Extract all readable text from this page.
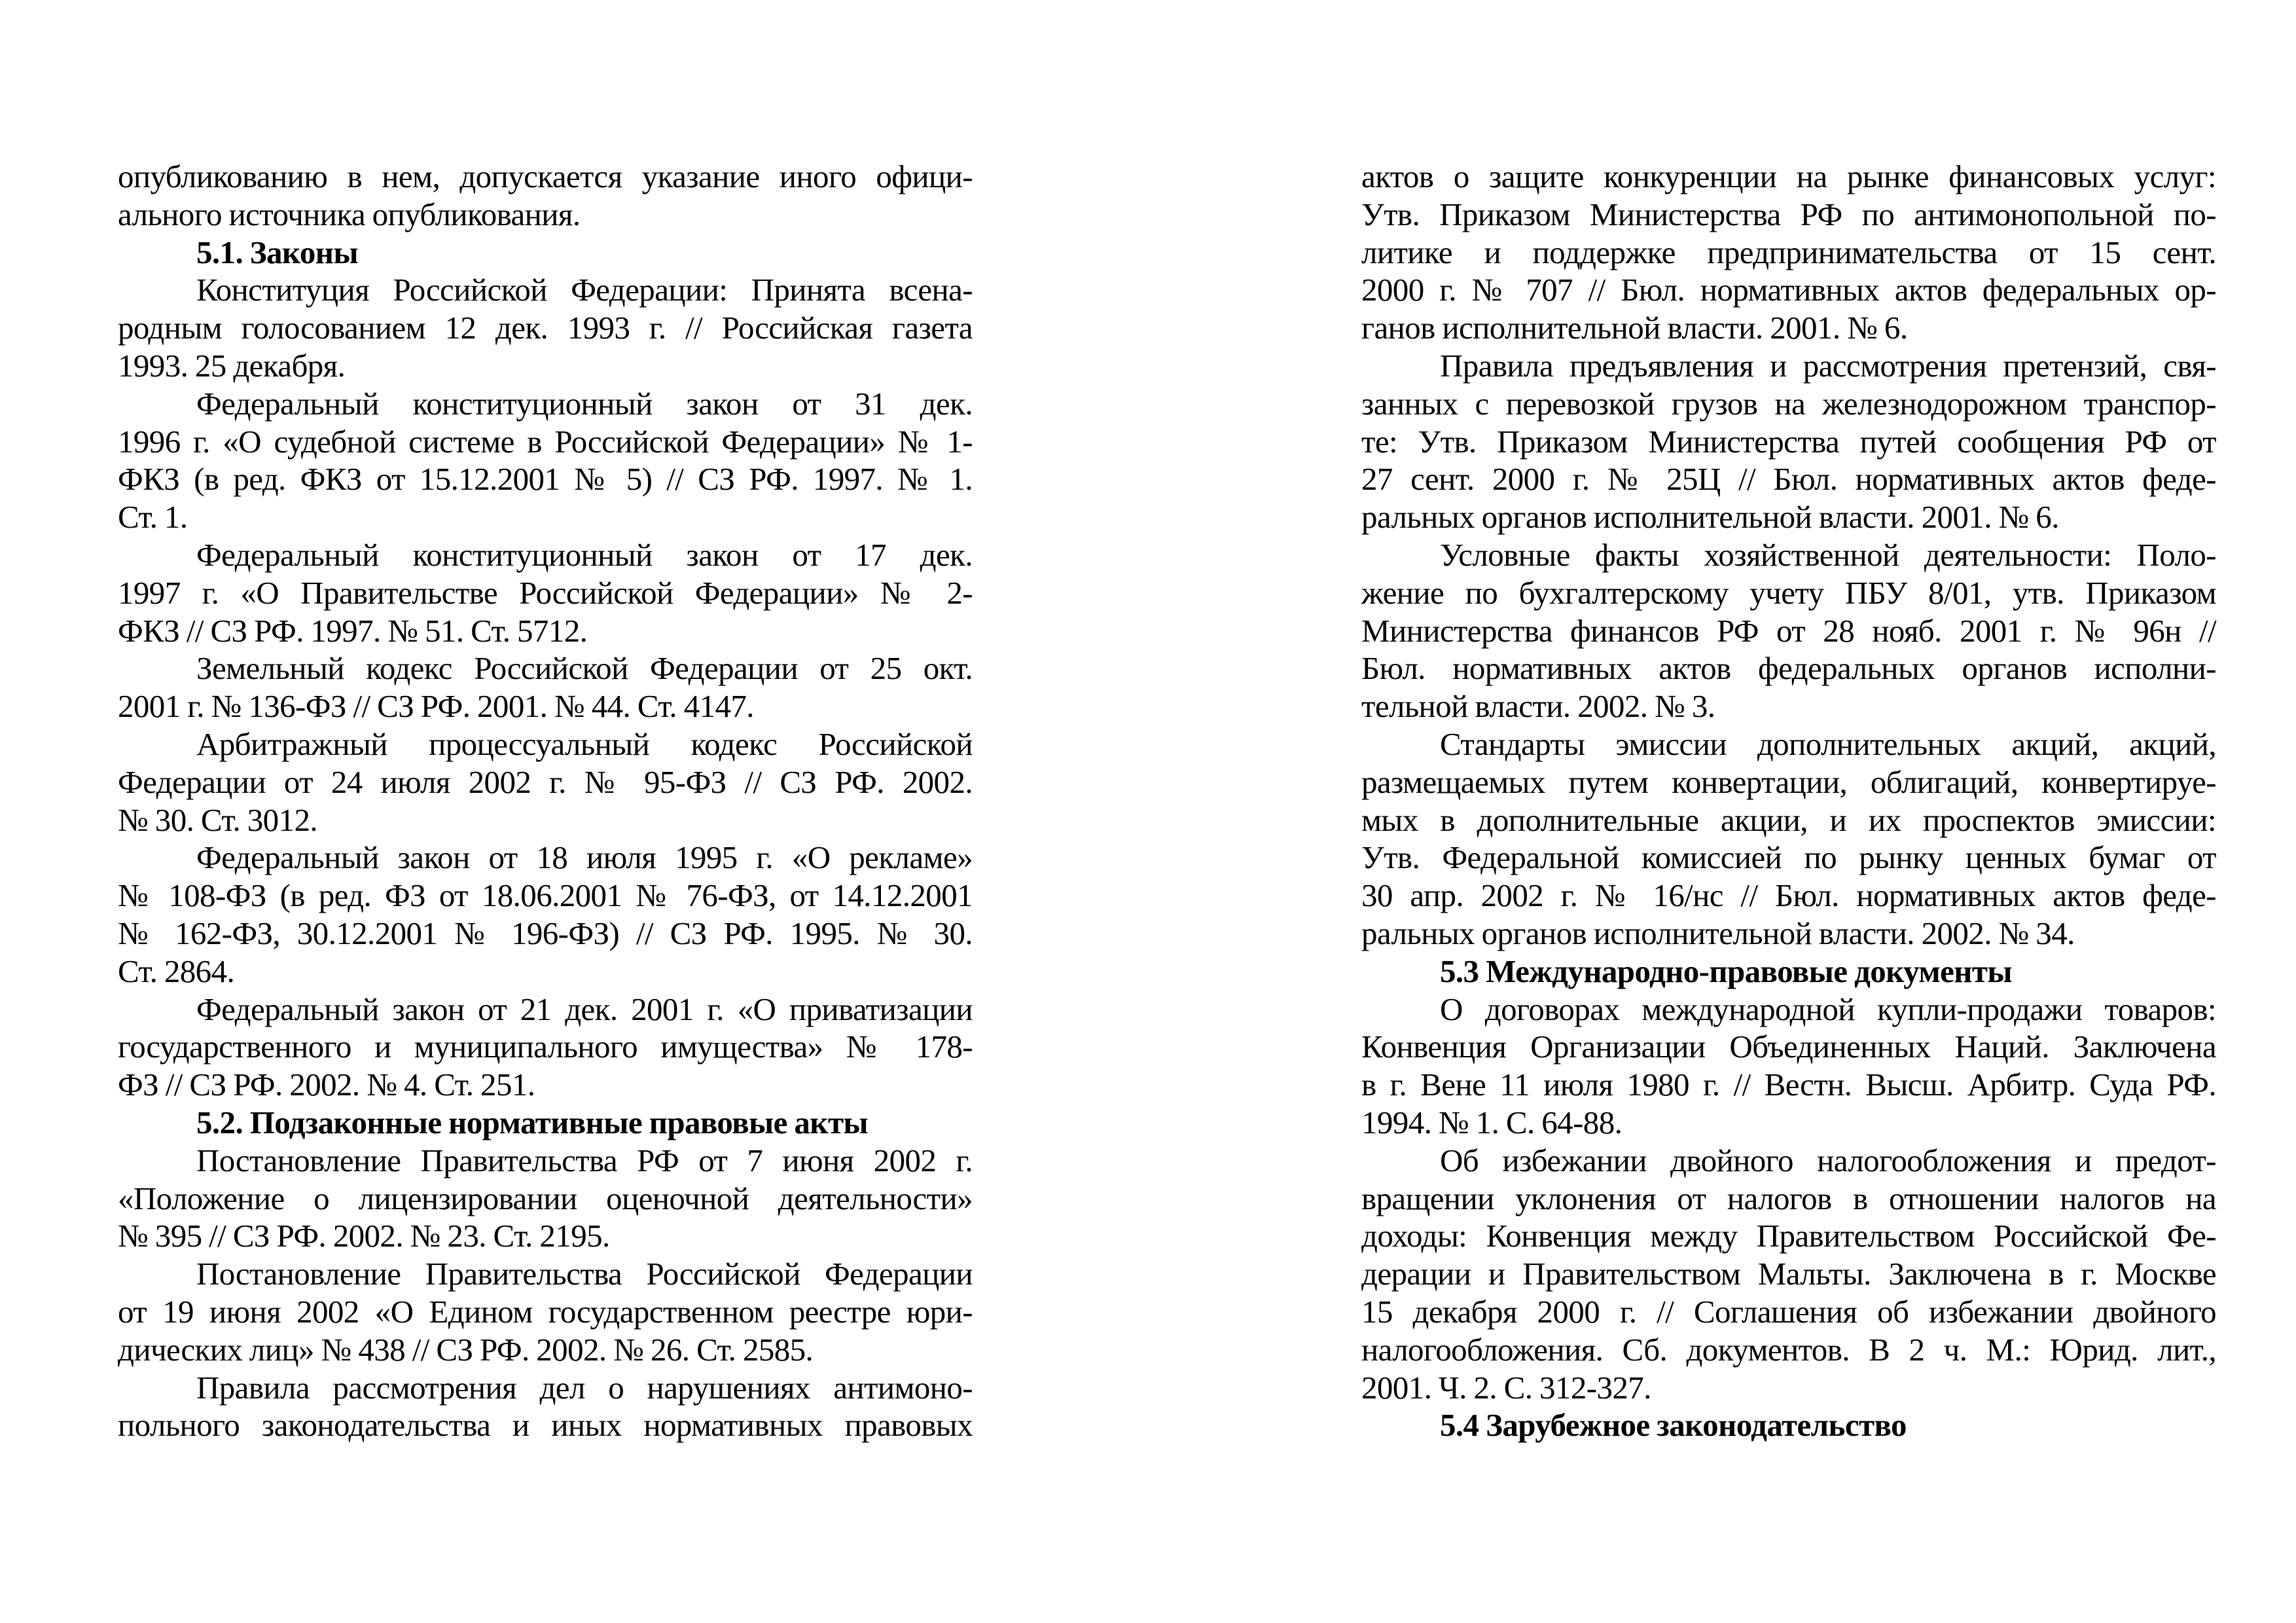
опубликованию в нем, допускается указание иного офици-
ального источника опубликования.
5.1. Законы
Конституция Российской Федерации: Принята всена-
родным голосованием 12 дек. 1993 г. // Российская газета
1993. 25 декабря.
Федеральный конституционный закон от 31 дек.
1996 г. «О судебной системе в Российской Федерации» № 1-
ФКЗ (в ред. ФКЗ от 15.12.2001 № 5) // СЗ РФ. 1997. № 1.
Ст. 1.
Федеральный конституционный закон от 17 дек.
1997 г. «О Правительстве Российской Федерации» № 2-
ФКЗ // СЗ РФ. 1997. № 51. Ст. 5712.
Земельный кодекс Российской Федерации от 25 окт.
2001 г. № 136-ФЗ // СЗ РФ. 2001. № 44. Ст. 4147.
Арбитражный процессуальный кодекс Российской
Федерации от 24 июля 2002 г. № 95-ФЗ // СЗ РФ. 2002.
№ 30. Ст. 3012.
Федеральный закон от 18 июля 1995 г. «О рекламе»
№ 108-ФЗ (в ред. ФЗ от 18.06.2001 № 76-ФЗ, от 14.12.2001
№ 162-ФЗ, 30.12.2001 № 196-ФЗ) // СЗ РФ. 1995. № 30.
Ст. 2864.
Федеральный закон от 21 дек. 2001 г. «О приватизации
государственного и муниципального имущества» № 178-
ФЗ // СЗ РФ. 2002. № 4. Ст. 251.
5.2. Подзаконные нормативные правовые акты
Постановление Правительства РФ от 7 июня 2002 г.
«Положение о лицензировании оценочной деятельности»
№ 395 // СЗ РФ. 2002. № 23. Ст. 2195.
Постановление Правительства Российской Федерации
от 19 июня 2002 «О Едином государственном реестре юри-
дических лиц» № 438 // СЗ РФ. 2002. № 26. Ст. 2585.
Правила рассмотрения дел о нарушениях антимоно-
польного законодательства и иных нормативных правовых
актов о защите конкуренции на рынке финансовых услуг:
Утв. Приказом Министерства РФ по антимонопольной по-
литике и поддержке предпринимательства от 15 сент.
2000 г. № 707 // Бюл. нормативных актов федеральных ор-
ганов исполнительной власти. 2001. № 6.
Правила предъявления и рассмотрения претензий, свя-
занных с перевозкой грузов на железнодорожном транспор-
те: Утв. Приказом Министерства путей сообщения РФ от
27 сент. 2000 г. № 25Ц // Бюл. нормативных актов феде-
ральных органов исполнительной власти. 2001. № 6.
Условные факты хозяйственной деятельности: Поло-
жение по бухгалтерскому учету ПБУ 8/01, утв. Приказом
Министерства финансов РФ от 28 нояб. 2001 г. № 96н //
Бюл. нормативных актов федеральных органов исполни-
тельной власти. 2002. № 3.
Стандарты эмиссии дополнительных акций, акций,
размещаемых путем конвертации, облигаций, конвертируе-
мых в дополнительные акции, и их проспектов эмиссии:
Утв. Федеральной комиссией по рынку ценных бумаг от
30 апр. 2002 г. № 16/нс // Бюл. нормативных актов феде-
ральных органов исполнительной власти. 2002. № 34.
5.3 Международно-правовые документы
О договорах международной купли-продажи товаров:
Конвенция Организации Объединенных Наций. Заключена
в г. Вене 11 июля 1980 г. // Вестн. Высш. Арбитр. Суда РФ.
1994. № 1. С. 64-88.
Об избежании двойного налогообложения и предот-
вращении уклонения от налогов в отношении налогов на
доходы: Конвенция между Правительством Российской Фе-
дерации и Правительством Мальты. Заключена в г. Москве
15 декабря 2000 г. // Соглашения об избежании двойного
налогообложения. Сб. документов. В 2 ч. М.: Юрид. лит.,
2001. Ч. 2. С. 312-327.
5.4 Зарубежное законодательство
